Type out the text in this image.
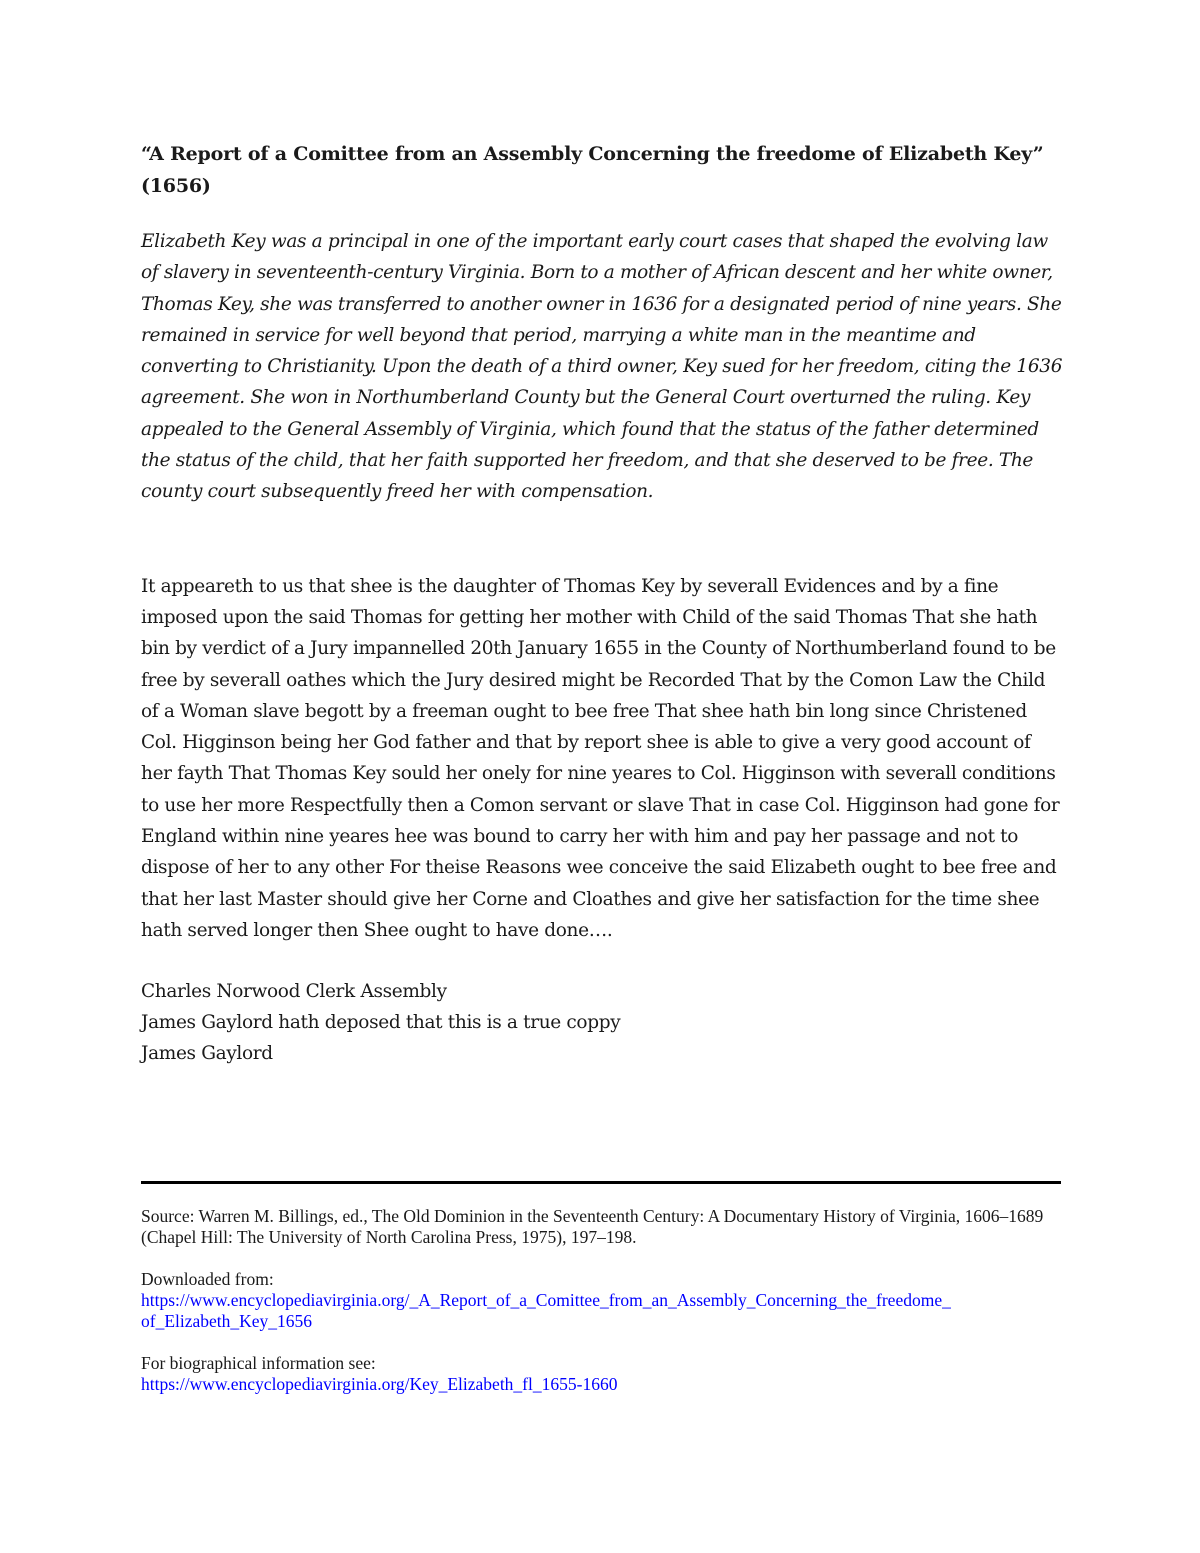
“A Report of a Comittee from an Assembly Concerning the freedome of Elizabeth Key” (1656)

Elizabeth Key was a principal in one of the important early court cases that shaped the evolving law of slavery in seventeenth-century Virginia. Born to a mother of African descent and her white owner, Thomas Key, she was transferred to another owner in 1636 for a designated period of nine years. She remained in service for well beyond that period, marrying a white man in the meantime and converting to Christianity. Upon the death of a third owner, Key sued for her freedom, citing the 1636 agreement. She won in Northumberland County but the General Court overturned the ruling. Key appealed to the General Assembly of Virginia, which found that the status of the father determined the status of the child, that her faith supported her freedom, and that she deserved to be free. The county court subsequently freed her with compensation.

It appeareth to us that shee is the daughter of Thomas Key by severall Evidences and by a fine imposed upon the said Thomas for getting her mother with Child of the said Thomas That she hath bin by verdict of a Jury impannelled 20th January 1655 in the County of Northumberland found to be free by severall oathes which the Jury desired might be Recorded That by the Comon Law the Child of a Woman slave begott by a freeman ought to bee free That shee hath bin long since Christened Col. Higginson being her God father and that by report shee is able to give a very good account of her fayth That Thomas Key sould her onely for nine yeares to Col. Higginson with severall conditions to use her more Respectfully then a Comon servant or slave That in case Col. Higginson had gone for England within nine yeares hee was bound to carry her with him and pay her passage and not to dispose of her to any other For theise Reasons wee conceive the said Elizabeth ought to bee free and that her last Master should give her Corne and Cloathes and give her satisfaction for the time shee hath served longer then Shee ought to have done….

Charles Norwood Clerk Assembly
James Gaylord hath deposed that this is a true coppy
James Gaylord

Source: Warren M. Billings, ed., The Old Dominion in the Seventeenth Century: A Documentary History of Virginia, 1606–1689 (Chapel Hill: The University of North Carolina Press, 1975), 197–198.

Downloaded from:

https://www.encyclopediavirginia.org/_A_Report_of_a_Comittee_from_an_Assembly_Concerning_the_freedome_ of_Elizabeth_Key_1656

For biographical information see:

https://www.encyclopediavirginia.org/Key_Elizabeth_fl_1655-1660
